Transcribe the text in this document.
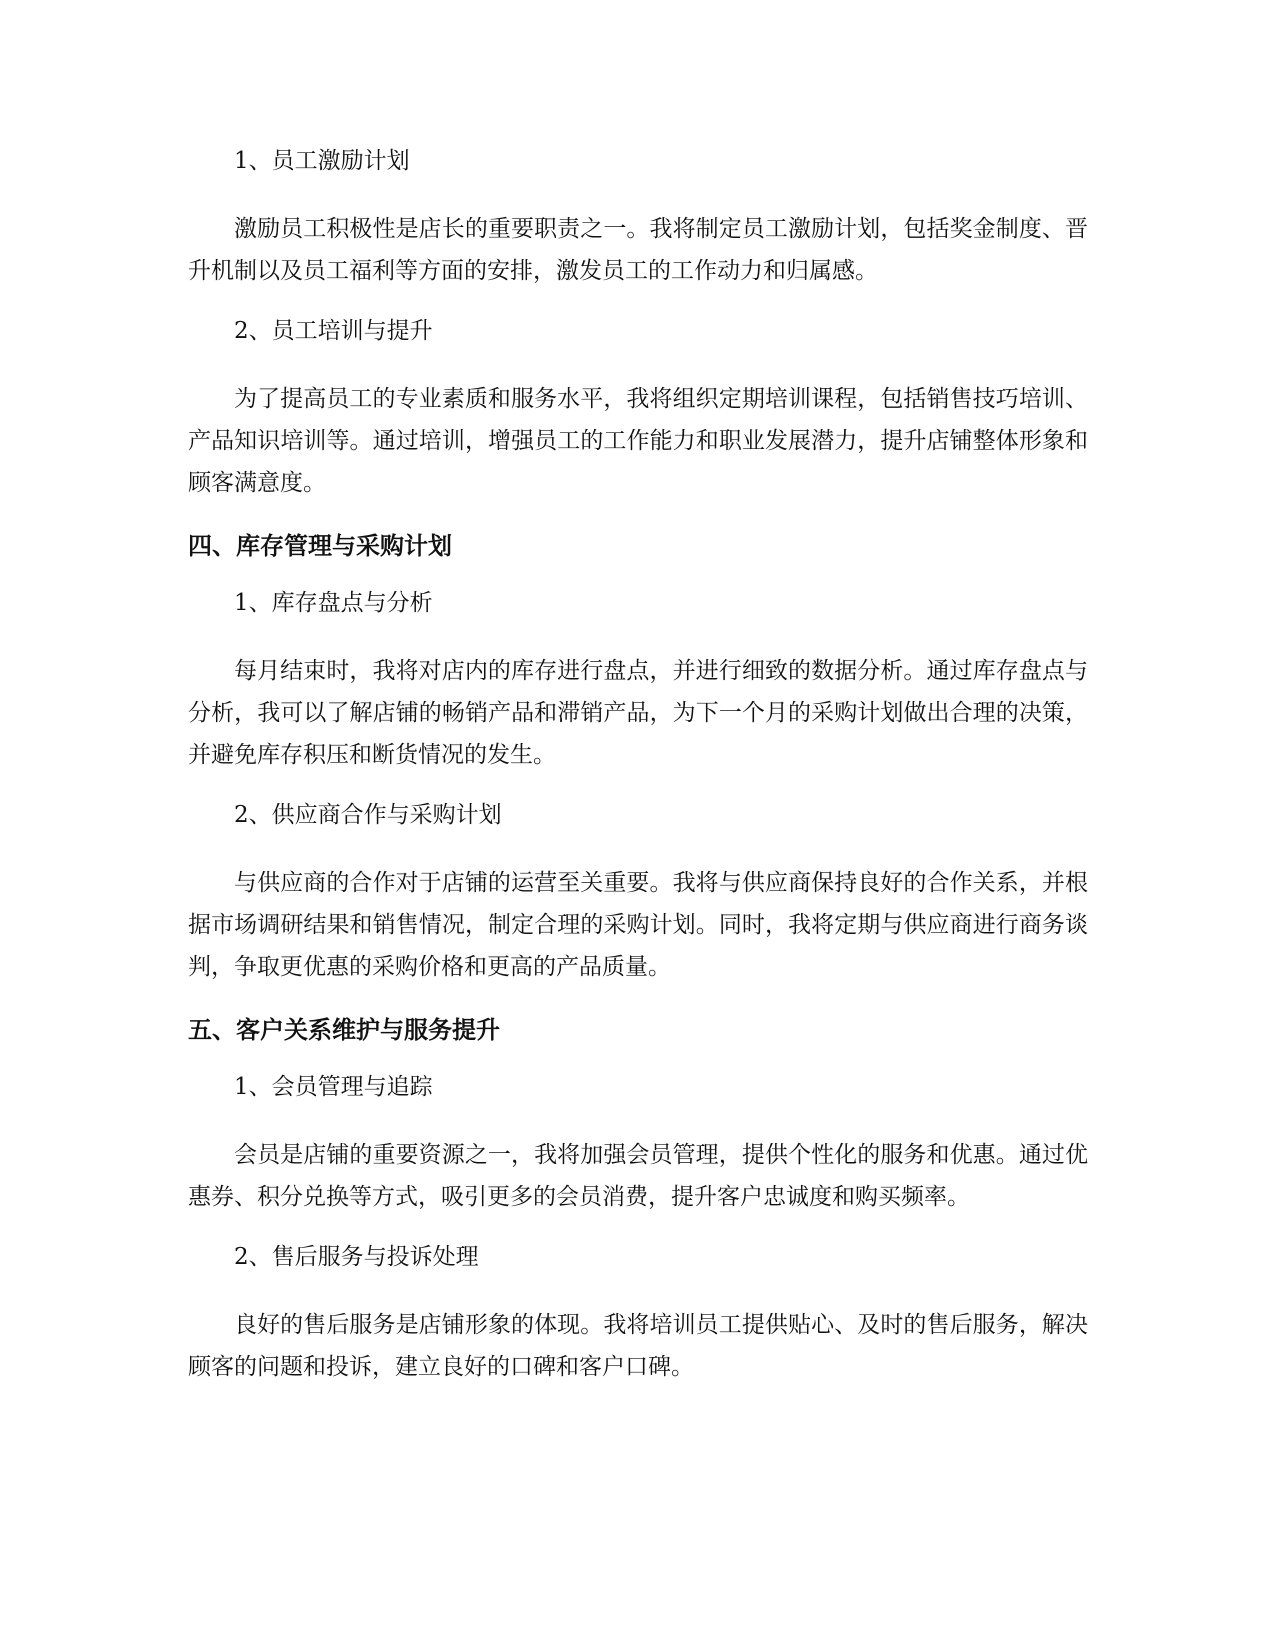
1、员工激励计划

激励员工积极性是店长的重要职责之一。我将制定员工激励计划，包括奖金制度、晋升机制以及员工福利等方面的安排，激发员工的工作动力和归属感。

2、员工培训与提升

为了提高员工的专业素质和服务水平，我将组织定期培训课程，包括销售技巧培训、产品知识培训等。通过培训，增强员工的工作能力和职业发展潜力，提升店铺整体形象和顾客满意度。

四、库存管理与采购计划
1、库存盘点与分析

每月结束时，我将对店内的库存进行盘点，并进行细致的数据分析。通过库存盘点与分析，我可以了解店铺的畅销产品和滞销产品，为下一个月的采购计划做出合理的决策，并避免库存积压和断货情况的发生。

2、供应商合作与采购计划

与供应商的合作对于店铺的运营至关重要。我将与供应商保持良好的合作关系，并根据市场调研结果和销售情况，制定合理的采购计划。同时，我将定期与供应商进行商务谈判，争取更优惠的采购价格和更高的产品质量。

五、客户关系维护与服务提升
1、会员管理与追踪

会员是店铺的重要资源之一，我将加强会员管理，提供个性化的服务和优惠。通过优惠券、积分兑换等方式，吸引更多的会员消费，提升客户忠诚度和购买频率。

2、售后服务与投诉处理

良好的售后服务是店铺形象的体现。我将培训员工提供贴心、及时的售后服务，解决顾客的问题和投诉，建立良好的口碑和客户口碑。
